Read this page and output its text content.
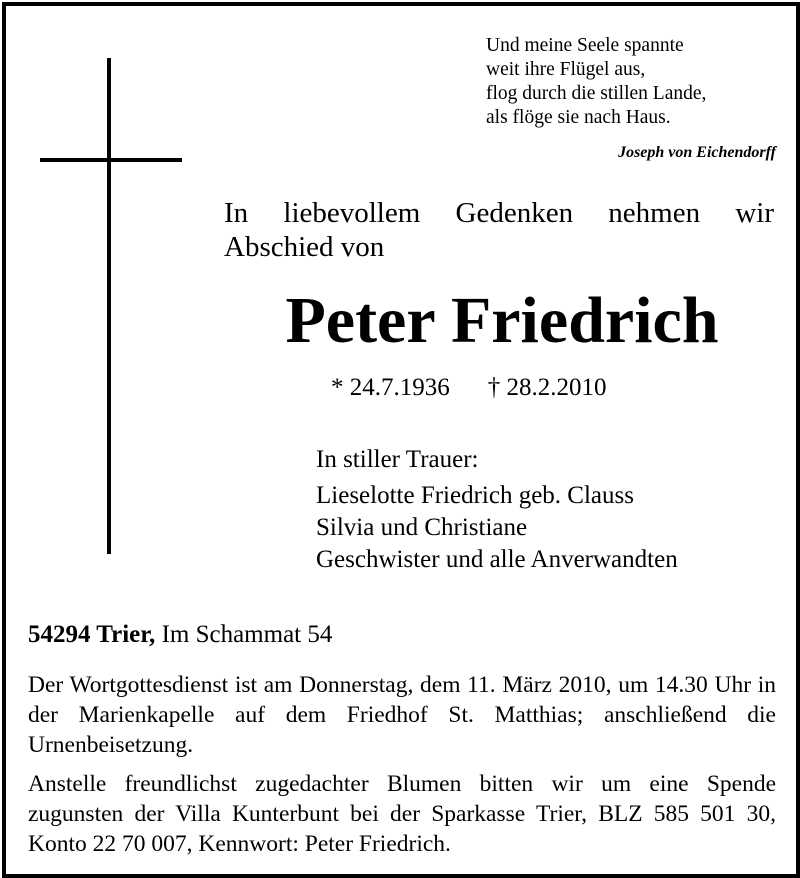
Und meine Seele spannte
weit ihre Flügel aus,
flog durch die stillen Lande,
als flöge sie nach Haus.
Joseph von Eichendorff
In liebevollem Gedenken nehmen wir
Abschied von
Peter Friedrich
* 24.7.1936 † 28.2.2010
In stiller Trauer:
Lieselotte Friedrich geb. Clauss
Silvia und Christiane
Geschwister und alle Anverwandten
54294 Trier, Im Schammat 54
Der Wortgottesdienst ist am Donnerstag, dem 11. März 2010, um 14.30 Uhr in der Marienkapelle auf dem Friedhof St. Matthias; anschließend die Urnenbeisetzung.
Anstelle freundlichst zugedachter Blumen bitten wir um eine Spende zugunsten der Villa Kunterbunt bei der Sparkasse Trier, BLZ 585 501 30, Konto 22 70 007, Kennwort: Peter Friedrich.
